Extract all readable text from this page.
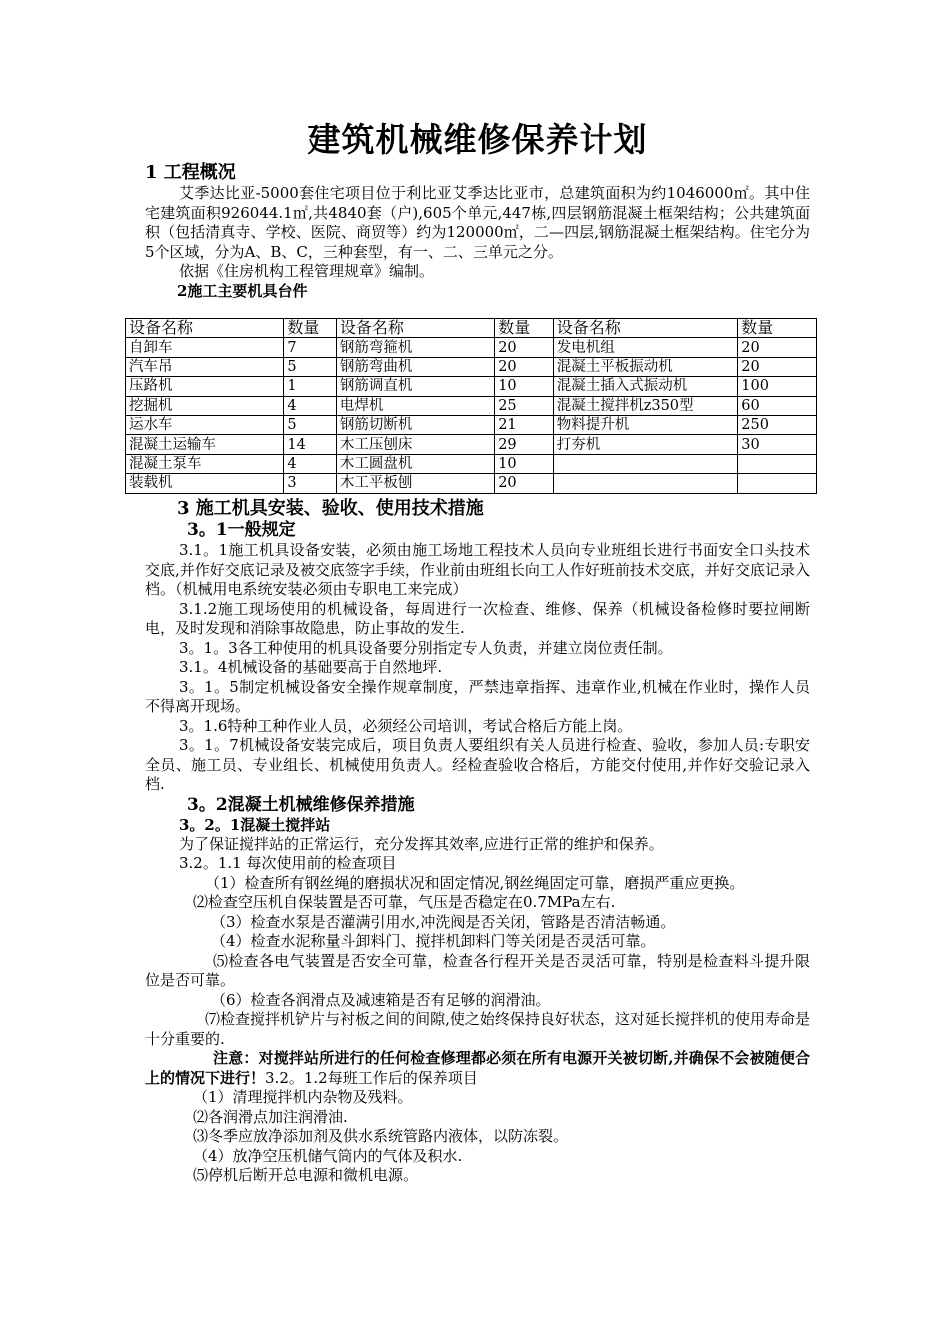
建筑机械维修保养计划
1 工程概况

艾季达比亚-5000套住宅项目位于利比亚艾季达比亚市，总建筑面积为约1046000㎡。其中住宅建筑面积926044.1㎡,共4840套（户),605个单元,447栋,四层钢筋混凝土框架结构；公共建筑面积（包括清真寺、学校、医院、商贸等）约为120000㎡，二—四层,钢筋混凝土框架结构。住宅分为5个区域，分为A、B、C，三种套型，有一、二、三单元之分。

依据《住房机构工程管理规章》编制。

2施工主要机具台件
设备名称	数量	设备名称	数量	设备名称	数量
自卸车	7	钢筋弯箍机	20	发电机组	20
汽车吊	5	钢筋弯曲机	20	混凝土平板振动机	20
压路机	1	钢筋调直机	10	混凝土插入式振动机	100
挖掘机	4	电焊机	25	混凝土搅拌机z350型	60
运水车	5	钢筋切断机	21	物料提升机	250
混凝土运输车	14	木工压刨床	29	打夯机	30
混凝土泵车	4	木工圆盘机	10		
装载机	3	木工平板刨	20		
3 施工机具安装、验收、使用技术措施
3。1一般规定

3.1。1施工机具设备安装，必须由施工场地工程技术人员向专业班组长进行书面安全口头技术交底,并作好交底记录及被交底签字手续，作业前由班组长向工人作好班前技术交底，并好交底记录入档。（机械用电系统安装必须由专职电工来完成）

3.1.2施工现场使用的机械设备，每周进行一次检查、维修、保养（机械设备检修时要拉闸断电，及时发现和消除事故隐患，防止事故的发生.

3。1。3各工种使用的机具设备要分别指定专人负责，并建立岗位责任制。

3.1。4机械设备的基础要高于自然地坪.

3。1。5制定机械设备安全操作规章制度，严禁违章指挥、违章作业,机械在作业时，操作人员不得离开现场。

3。1.6特种工种作业人员，必须经公司培训，考试合格后方能上岗。

3。1。7机械设备安装完成后，项目负责人要组织有关人员进行检查、验收，参加人员:专职安全员、施工员、专业组长、机械使用负责人。经检查验收合格后，方能交付使用,并作好交验记录入档.

3。2混凝土机械维修保养措施
3。2。1混凝土搅拌站

为了保证搅拌站的正常运行，充分发挥其效率,应进行正常的维护和保养。

3.2。1.1 每次使用前的检查项目

（1）检查所有钢丝绳的磨损状况和固定情况,钢丝绳固定可靠，磨损严重应更换。

⑵检查空压机自保装置是否可靠，气压是否稳定在0.7MPa左右.

（3）检查水泵是否灌满引用水,冲洗阀是否关闭，管路是否清洁畅通。

（4）检查水泥称量斗卸料门、搅拌机卸料门等关闭是否灵活可靠。

⑸检查各电气装置是否安全可靠，检查各行程开关是否灵活可靠，特别是检查料斗提升限位是否可靠。

（6）检查各润滑点及减速箱是否有足够的润滑油。

⑺检查搅拌机铲片与衬板之间的间隙,使之始终保持良好状态，这对延长搅拌机的使用寿命是十分重要的.

注意：对搅拌站所进行的任何检查修理都必须在所有电源开关被切断,并确保不会被随便合上的情况下进行！3.2。1.2每班工作后的保养项目

（1）清理搅拌机内杂物及残料。

⑵各润滑点加注润滑油.

⑶冬季应放净添加剂及供水系统管路内液体，以防冻裂。

（4）放净空压机储气筒内的气体及积水.

⑸停机后断开总电源和微机电源。
